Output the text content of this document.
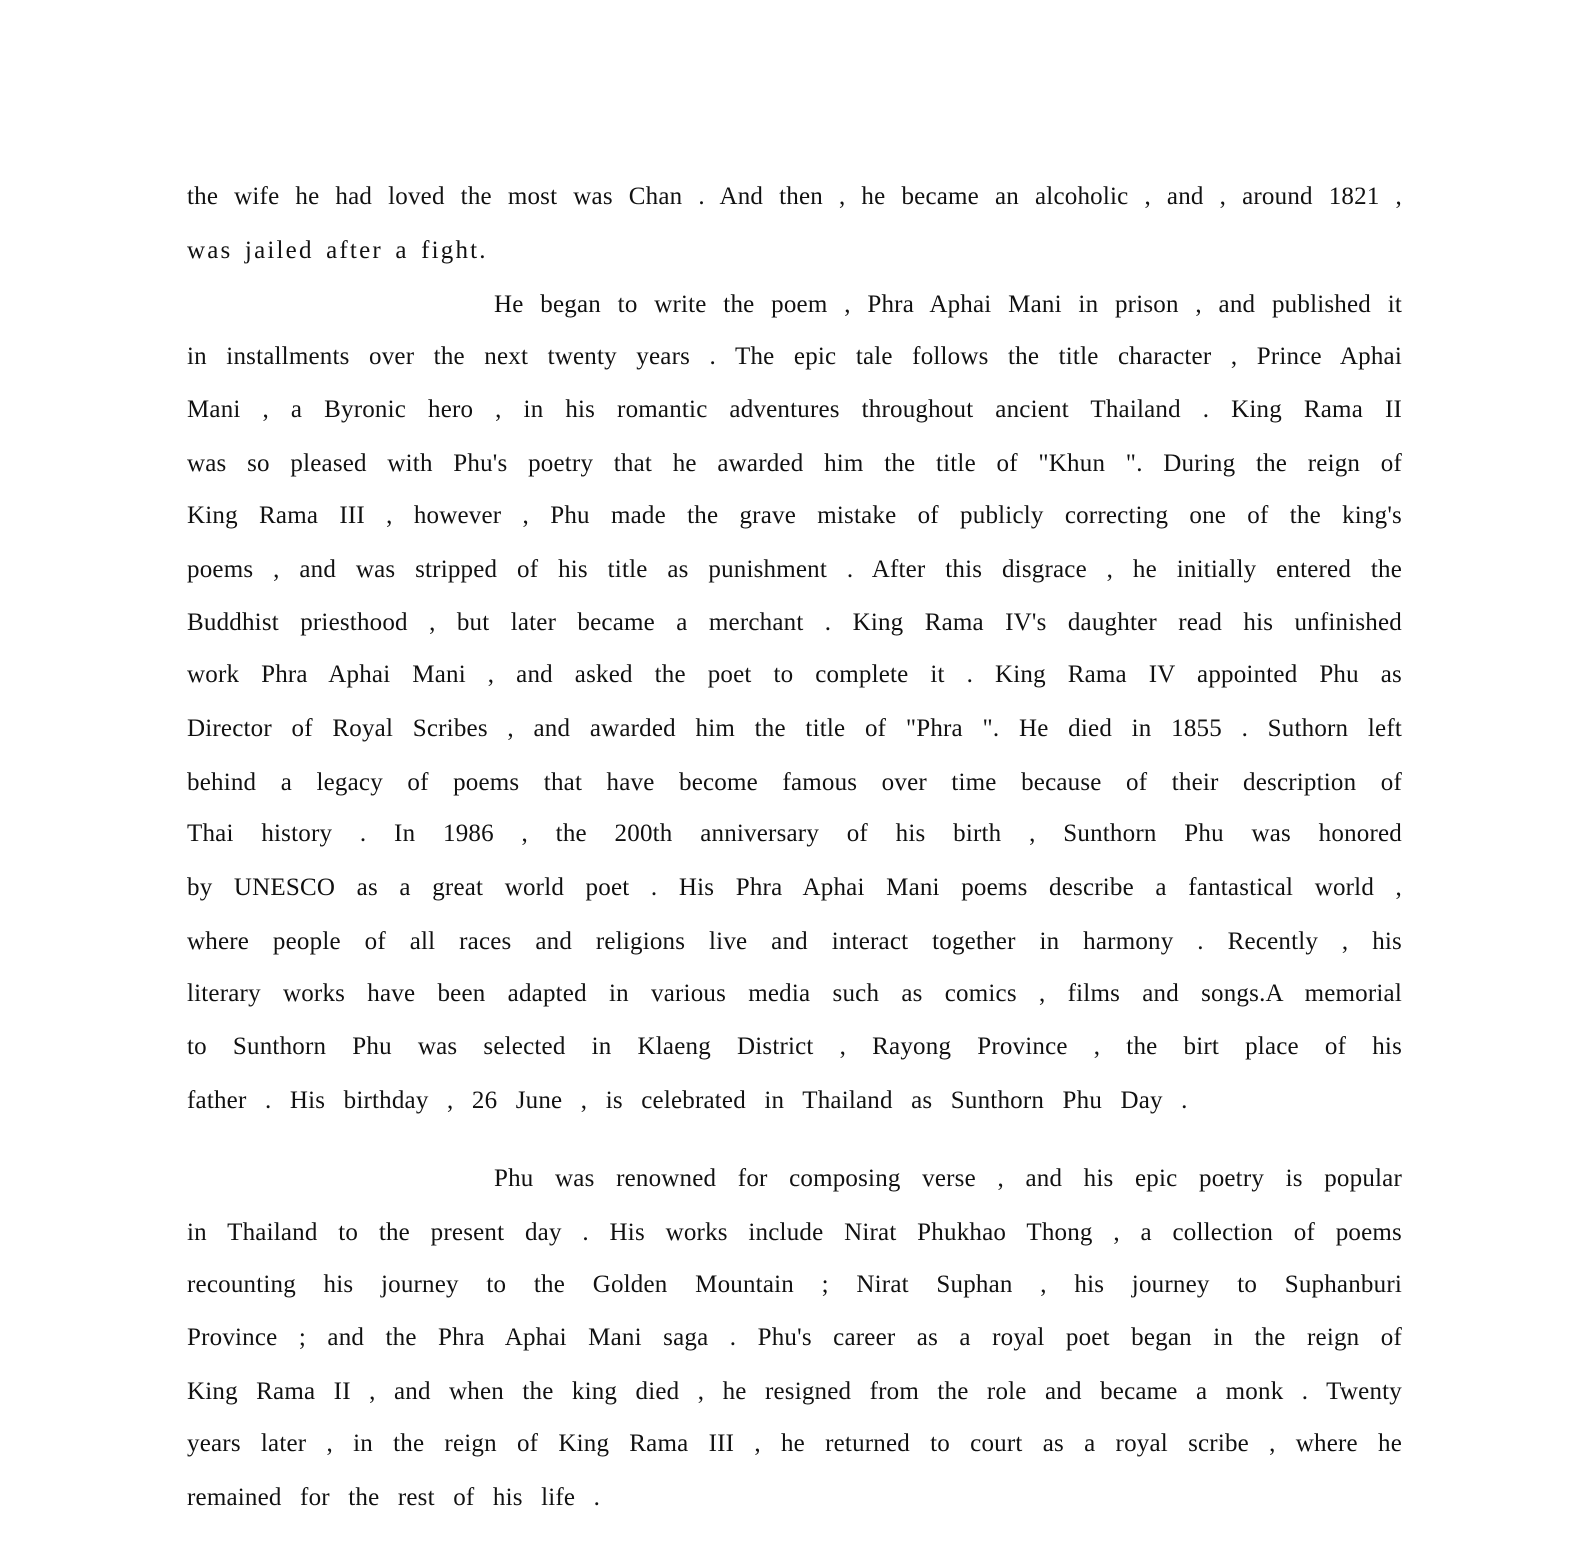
the wife he had loved the most was Chan . And then , he became an alcoholic , and , around 1821 ,
was jailed after a fight.
He began to write the poem , Phra Aphai Mani in prison , and published it
in installments over the next twenty years . The epic tale follows the title character , Prince Aphai
Mani , a Byronic hero , in his romantic adventures throughout ancient Thailand . King Rama II
was so pleased with Phu's poetry that he awarded him the title of "Khun ". During the reign of
King Rama III , however , Phu made the grave mistake of publicly correcting one of the king's
poems , and was stripped of his title as punishment . After this disgrace , he initially entered the
Buddhist priesthood , but later became a merchant . King Rama IV's daughter read his unfinished
work Phra Aphai Mani , and asked the poet to complete it . King Rama IV appointed Phu as
Director of Royal Scribes , and awarded him the title of "Phra ". He died in 1855 . Suthorn left
behind a legacy of poems that have become famous over time because of their description of
Thai history . In 1986 , the 200th anniversary of his birth , Sunthorn Phu was honored
by UNESCO as a great world poet . His Phra Aphai Mani poems describe a fantastical world ,
where people of all races and religions live and interact together in harmony . Recently , his
literary works have been adapted in various media such as comics , films and songs.A memorial
to Sunthorn Phu was selected in Klaeng District , Rayong Province , the birt place of his
father . His birthday , 26 June , is celebrated in Thailand as Sunthorn Phu Day .
Phu was renowned for composing verse , and his epic poetry is popular
in Thailand to the present day . His works include Nirat Phukhao Thong , a collection of poems
recounting his journey to the Golden Mountain ; Nirat Suphan , his journey to Suphanburi
Province ; and the Phra Aphai Mani saga . Phu's career as a royal poet began in the reign of
King Rama II , and when the king died , he resigned from the role and became a monk . Twenty
years later , in the reign of King Rama III , he returned to court as a royal scribe , where he
remained for the rest of his life .
